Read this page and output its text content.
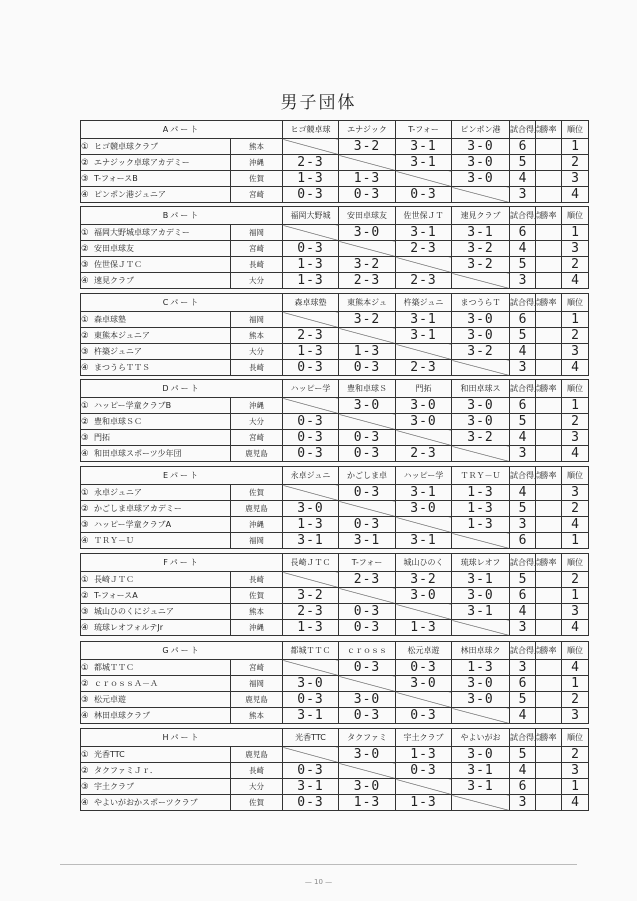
男子団体
Aパート		ヒゴ競卓球	エナジック	T-フォー	ピンポン港	試合得点	勝率	順位
① ヒゴ競卓球クラブ	熊本		3-2	3-1	3-0	6		1
② エナジック卓球アカデミー	沖縄	2-3		3-1	3-0	5		2
③ T-フォースB	佐賀	1-3	1-3		3-0	4		3
④ ピンポン港ジュニア	宮崎	0-3	0-3	0-3		3		4
Bパート		福岡大野城	安田卓球友	佐世保ＪＴ	速見クラブ	試合得点	勝率	順位
① 福岡大野城卓球アカデミー	福岡		3-0	3-1	3-1	6		1
② 安田卓球友	宮崎	0-3		2-3	3-2	4		3
③ 佐世保ＪＴＣ	長崎	1-3	3-2		3-2	5		2
④ 速見クラブ	大分	1-3	2-3	2-3		3		4
Cパート		森卓球塾	東熊本ジュ	杵築ジュニ	まつうらＴ	試合得点	勝率	順位
① 森卓球塾	福岡		3-2	3-1	3-0	6		1
② 東熊本ジュニア	熊本	2-3		3-1	3-0	5		2
③ 杵築ジュニア	大分	1-3	1-3		3-2	4		3
④ まつうらＴＴＳ	長崎	0-3	0-3	2-3		3		4
Dパート		ハッピー学	豊和卓球Ｓ	門拓	和田卓球ス	試合得点	勝率	順位
① ハッピー学童クラブB	沖縄		3-0	3-0	3-0	6		1
② 豊和卓球ＳＣ	大分	0-3		3-0	3-0	5		2
③ 門拓	宮崎	0-3	0-3		3-2	4		3
④ 和田卓球スポーツ少年団	鹿児島	0-3	0-3	2-3		3		4
Eパート		永卓ジュニ	かごしま卓	ハッピー学	ＴＲＹ－Ｕ	試合得点	勝率	順位
① 永卓ジュニア	佐賀		0-3	3-1	1-3	4		3
② かごしま卓球アカデミー	鹿児島	3-0		3-0	1-3	5		2
③ ハッピー学童クラブA	沖縄	1-3	0-3		1-3	3		4
④ ＴＲＹ－Ｕ	福岡	3-1	3-1	3-1		6		1
Fパート		長崎ＪＴＣ	T-フォー	城山ひのく	琉球レオフ	試合得点	勝率	順位
① 長崎ＪＴＣ	長崎		2-3	3-2	3-1	5		2
② T-フォースA	佐賀	3-2		3-0	3-0	6		1
③ 城山ひのくにジュニア	熊本	2-3	0-3		3-1	4		3
④ 琉球レオフォルテJr	沖縄	1-3	0-3	1-3		3		4
Gパート		都城ＴＴＣ	ｃｒｏｓｓ	松元卓遊	林田卓球ク	試合得点	勝率	順位
① 都城ＴＴＣ	宮崎		0-3	0-3	1-3	3		4
② ｃｒｏｓｓＡ－Ａ	福岡	3-0		3-0	3-0	6		1
③ 松元卓遊	鹿児島	0-3	3-0		3-0	5		2
④ 林田卓球クラブ	熊本	3-1	0-3	0-3		4		3
Hパート		光香TTC	タクファミ	宇土クラブ	やよいがお	試合得点	勝率	順位
① 光香TTC	鹿児島		3-0	1-3	3-0	5		2
② タクファミＪｒ．	長崎	0-3		0-3	3-1	4		3
③ 宇土クラブ	大分	3-1	3-0		3-1	6		1
④ やよいがおかスポーツクラブ	佐賀	0-3	1-3	1-3		3		4
— 10 —
